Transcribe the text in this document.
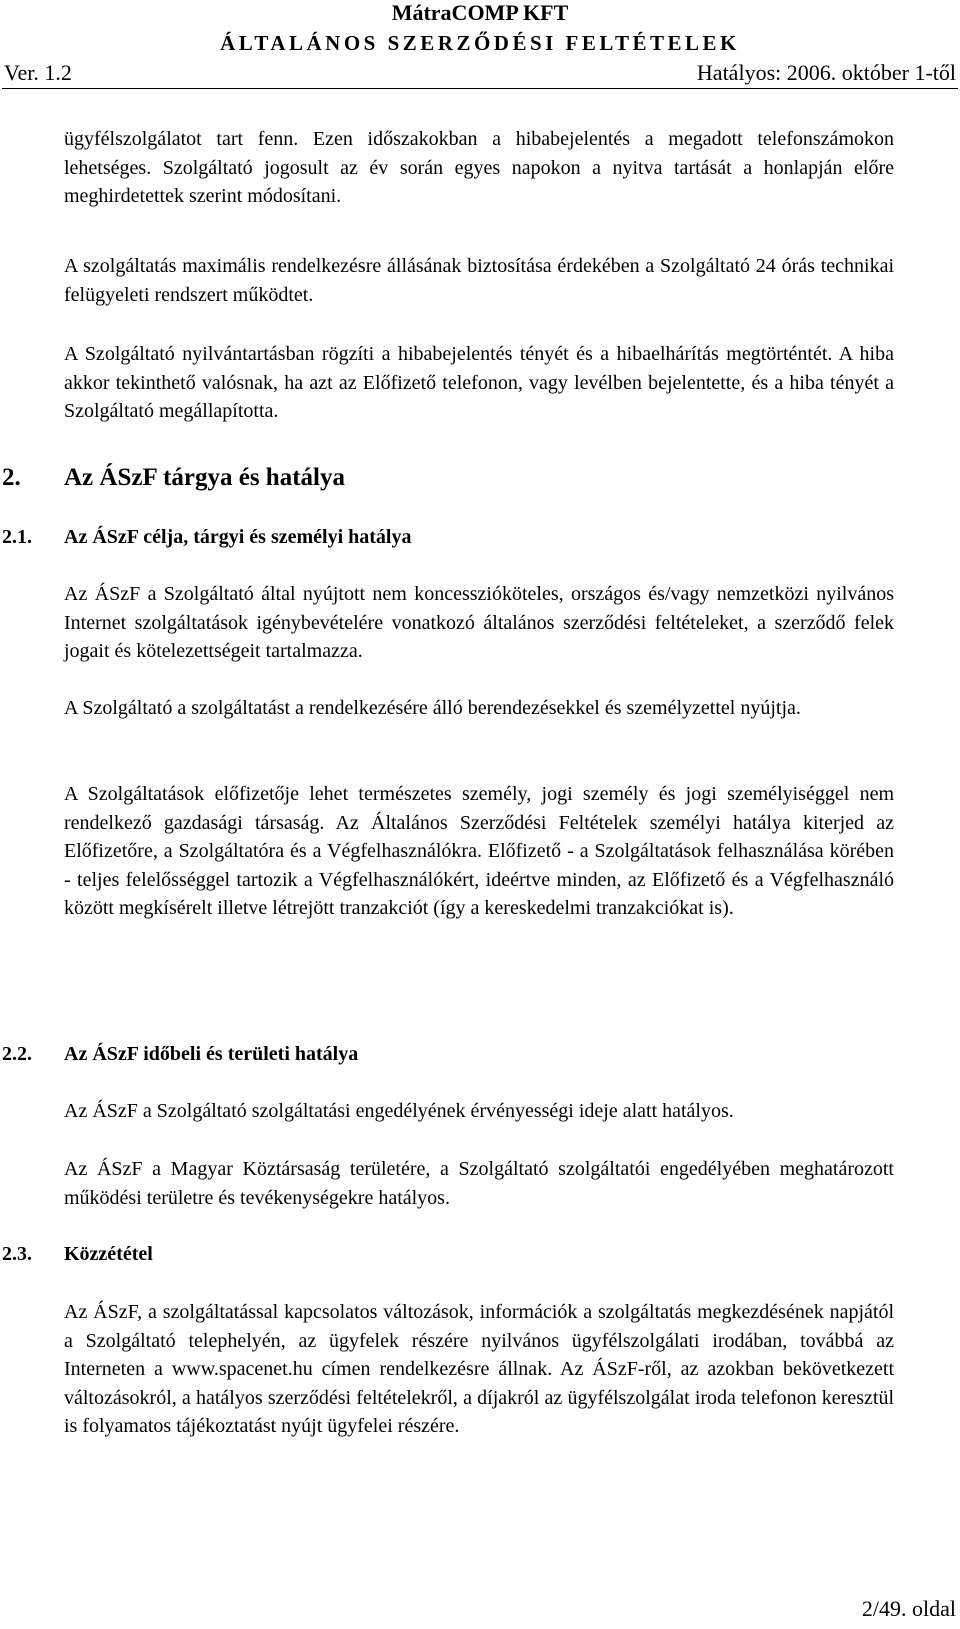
MátraCOMP KFT
ÁLTALÁNOS SZERZŐDÉSI FELTÉTELEK
Ver. 1.2	Hatályos: 2006. október 1-től

ügyfélszolgálatot tart fenn. Ezen időszakokban a hibabejelentés a megadott telefonszámokon lehetséges. Szolgáltató jogosult az év során egyes napokon a nyitva tartását a honlapján előre meghirdetettek szerint módosítani.

A szolgáltatás maximális rendelkezésre állásának biztosítása érdekében a Szolgáltató 24 órás technikai felügyeleti rendszert működtet.

A Szolgáltató nyilvántartásban rögzíti a hibabejelentés tényét és a hibaelhárítás megtörténtét. A hiba akkor tekinthető valósnak, ha azt az Előfizető telefonon, vagy levélben bejelentette, és a hiba tényét a Szolgáltató megállapította.

2. Az ÁSzF tárgya és hatálya
2.1. Az ÁSzF célja, tárgyi és személyi hatálya

Az ÁSzF a Szolgáltató által nyújtott nem koncesszióköteles, országos és/vagy nemzetközi nyilvános Internet szolgáltatások igénybevételére vonatkozó általános szerződési feltételeket, a szerződő felek jogait és kötelezettségeit tartalmazza.

A Szolgáltató a szolgáltatást a rendelkezésére álló berendezésekkel és személyzettel nyújtja.

A Szolgáltatások előfizetője lehet természetes személy, jogi személy és jogi személyiséggel nem rendelkező gazdasági társaság. Az Általános Szerződési Feltételek személyi hatálya kiterjed az Előfizetőre, a Szolgáltatóra és a Végfelhasználókra. Előfizető - a Szolgáltatások felhasználása körében - teljes felelősséggel tartozik a Végfelhasználókért, ideértve minden, az Előfizető és a Végfelhasználó között megkísérelt illetve létrejött tranzakciót (így a kereskedelmi tranzakciókat is).

2.2. Az ÁSzF időbeli és területi hatálya

Az ÁSzF a Szolgáltató szolgáltatási engedélyének érvényességi ideje alatt hatályos.

Az ÁSzF a Magyar Köztársaság területére, a Szolgáltató szolgáltatói engedélyében meghatározott működési területre és tevékenységekre hatályos.

2.3. Közzététel

Az ÁSzF, a szolgáltatással kapcsolatos változások, információk a szolgáltatás megkezdésének napjától a Szolgáltató telephelyén, az ügyfelek részére nyilvános ügyfélszolgálati irodában, továbbá az Interneten a www.spacenet.hu címen rendelkezésre állnak. Az ÁSzF-ről, az azokban bekövetkezett változásokról, a hatályos szerződési feltételekről, a díjakról az ügyfélszolgálat iroda telefonon keresztül is folyamatos tájékoztatást nyújt ügyfelei részére.

2/49. oldal
